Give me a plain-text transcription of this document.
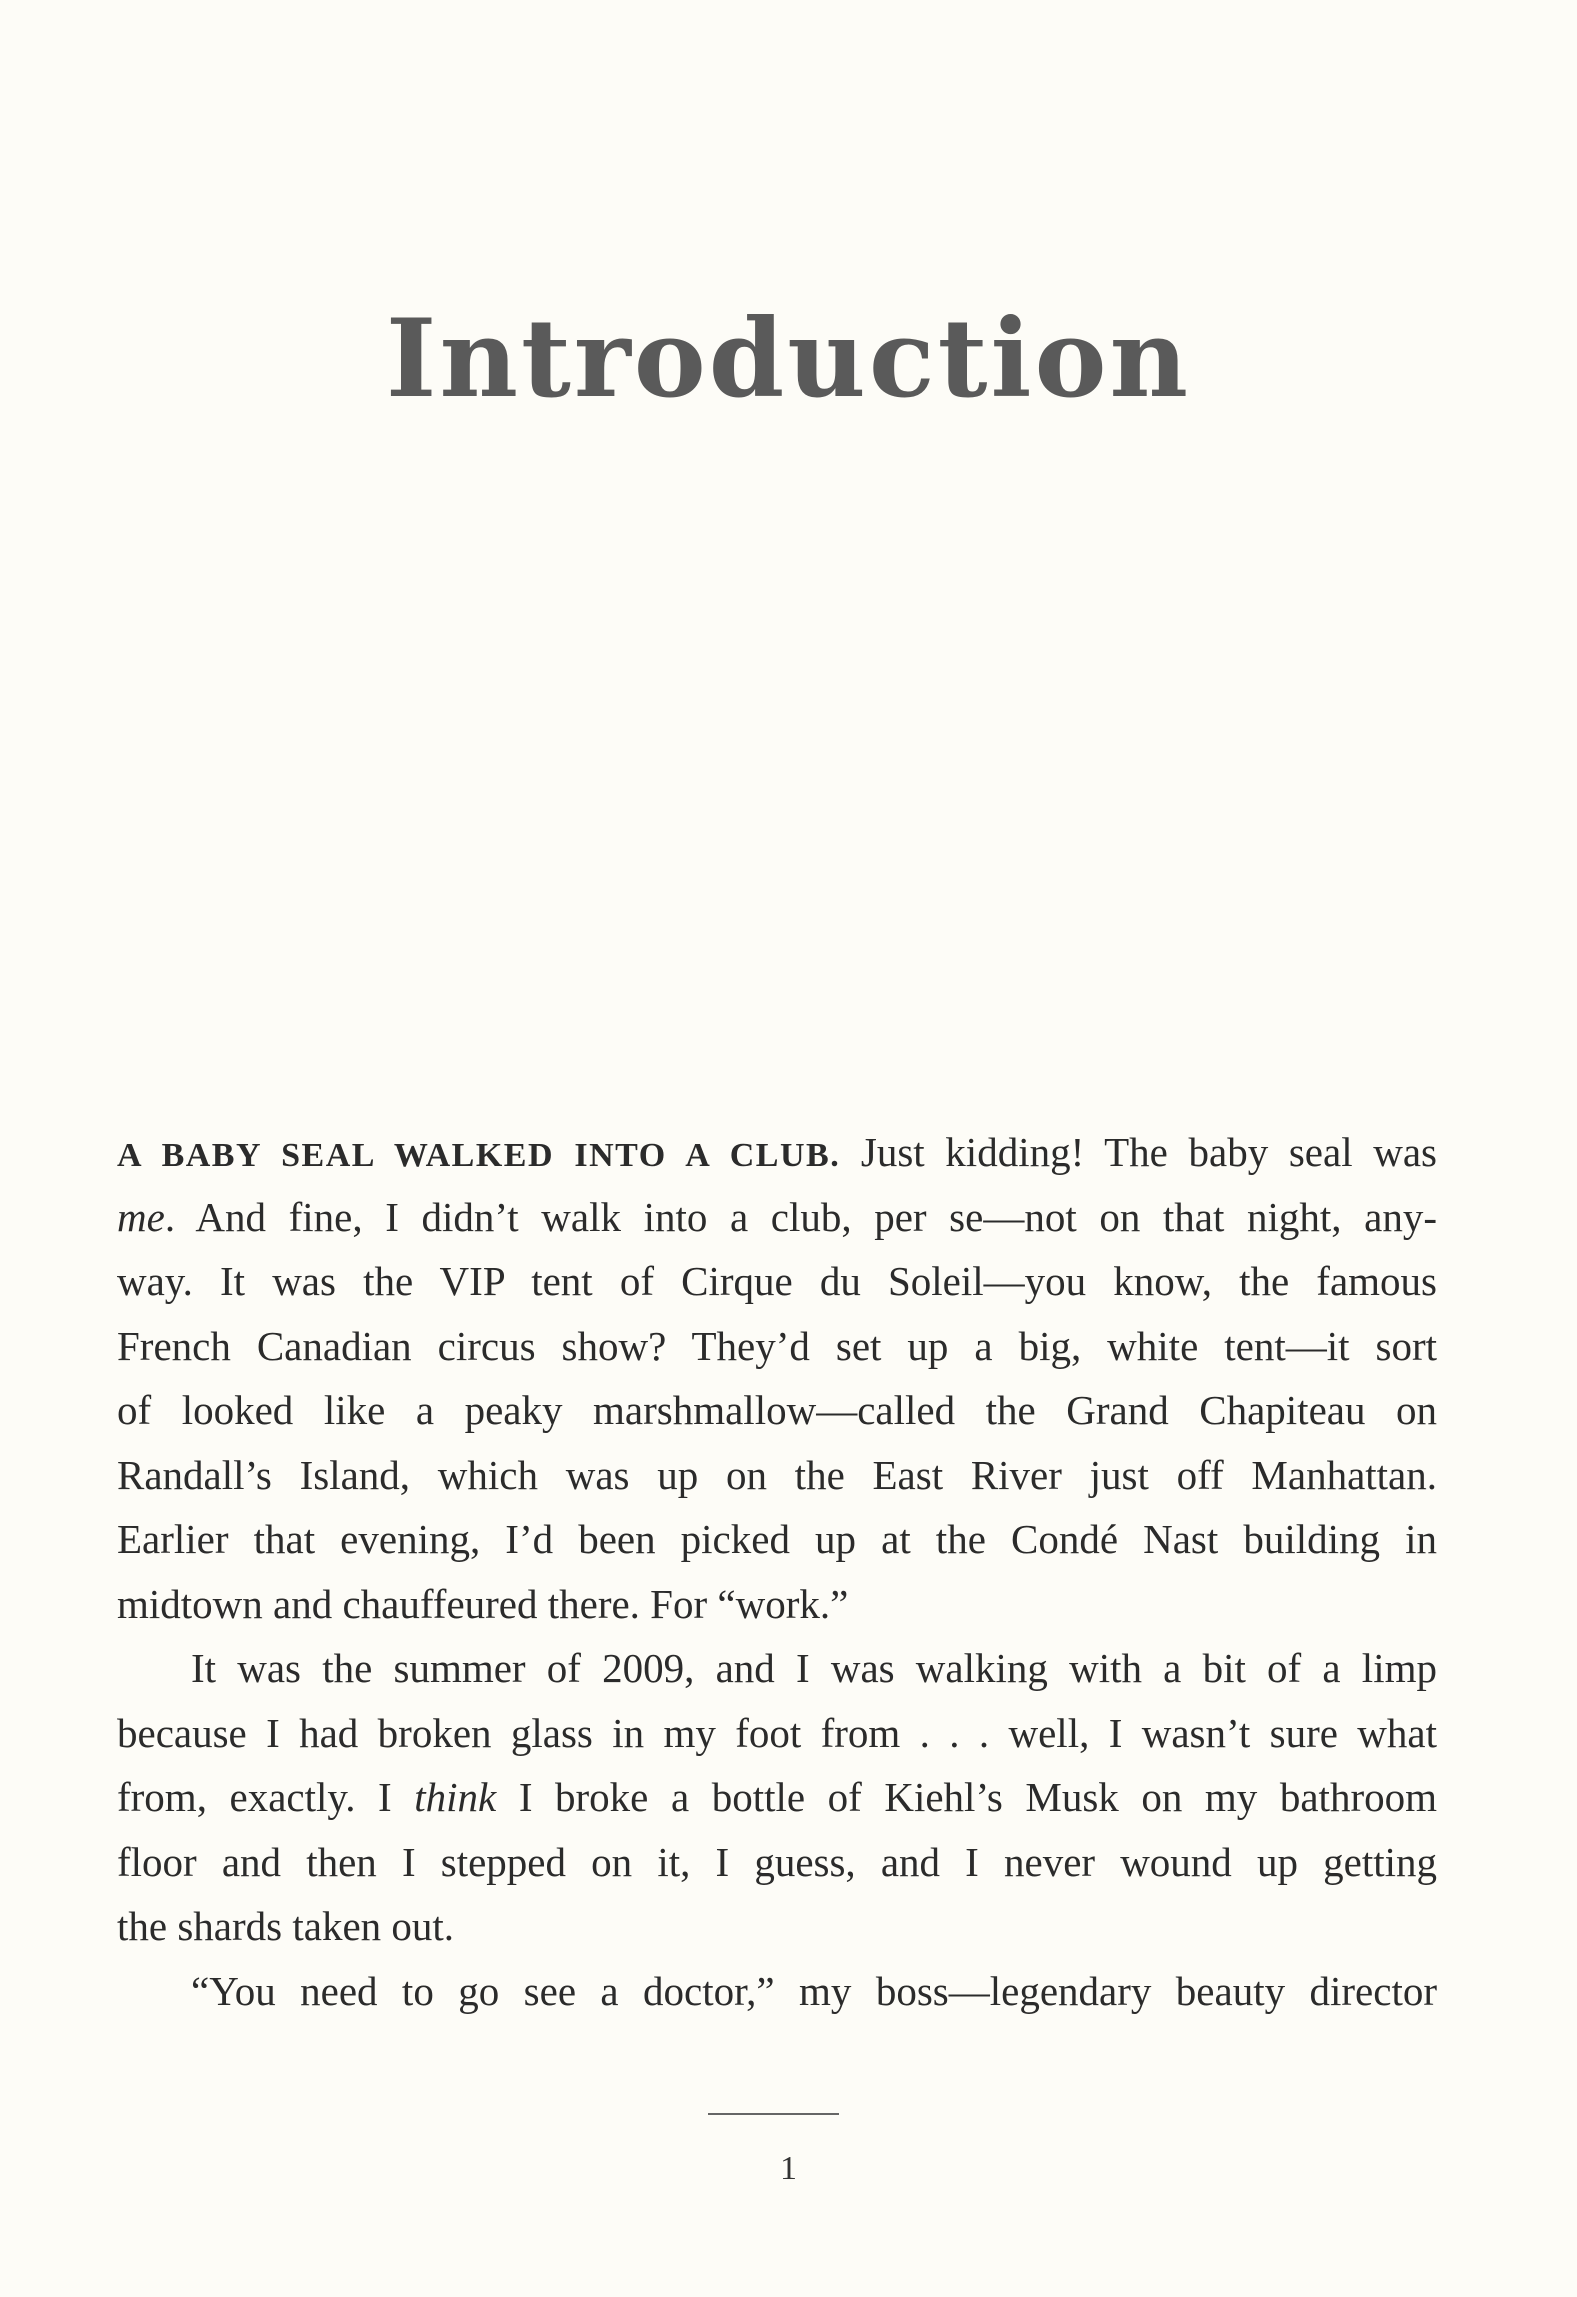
Introduction
A BABY SEAL WALKED INTO A CLUB. Just kidding! The baby seal was
me. And fine, I didn’t walk into a club, per se—not on that night, any-
way. It was the VIP tent of Cirque du Soleil—you know, the famous
French Canadian circus show? They’d set up a big, white tent—it sort
of looked like a peaky marshmallow—called the Grand Chapiteau on
Randall’s Island, which was up on the East River just off Manhattan.
Earlier that evening, I’d been picked up at the Condé Nast building in
midtown and chauffeured there. For “work.”
It was the summer of 2009, and I was walking with a bit of a limp
because I had broken glass in my foot from . . . well, I wasn’t sure what
from, exactly. I think I broke a bottle of Kiehl’s Musk on my bathroom
floor and then I stepped on it, I guess, and I never wound up getting
the shards taken out.
“You need to go see a doctor,” my boss—legendary beauty director
1
